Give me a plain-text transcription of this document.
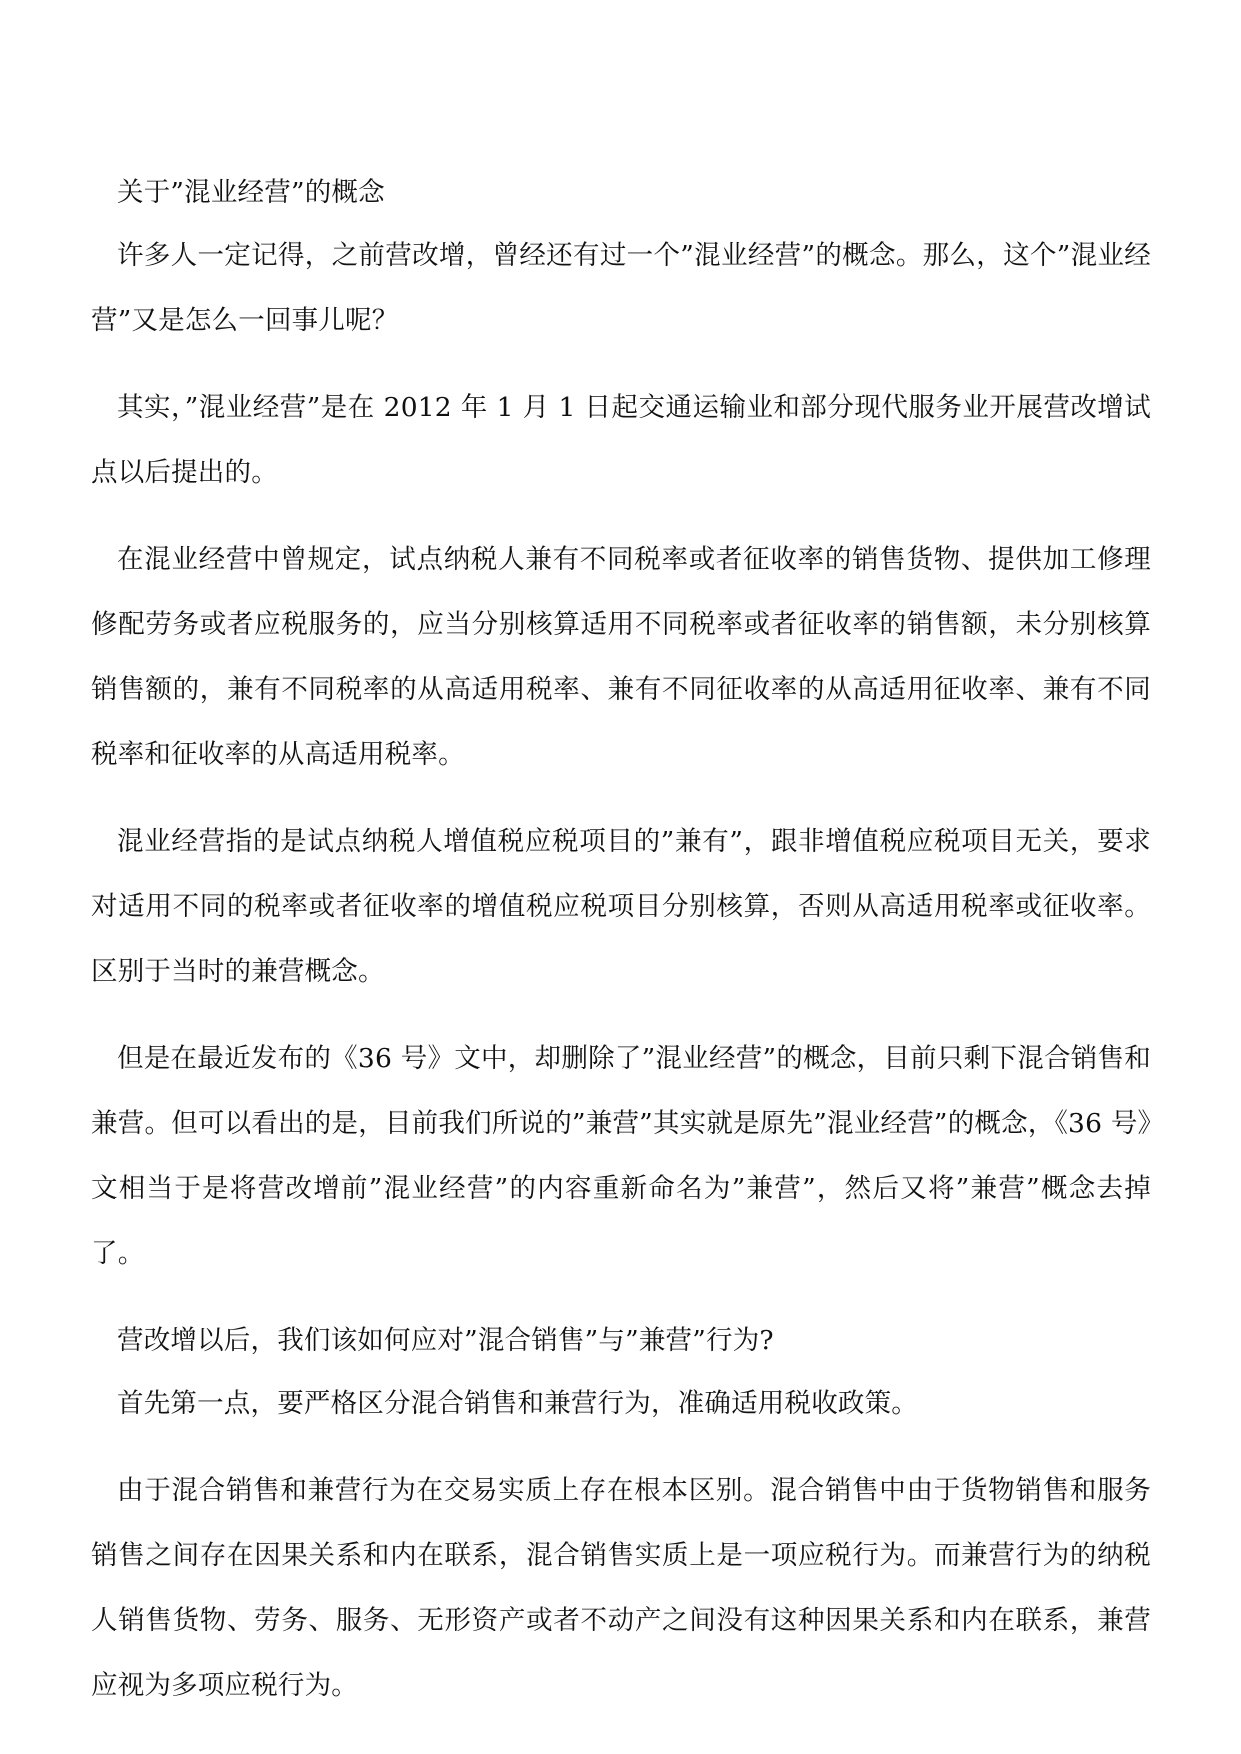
关于”混业经营”的概念

许多人一定记得，之前营改增，曾经还有过一个”混业经营”的概念。那么，这个”混业经营”又是怎么一回事儿呢？

其实，”混业经营”是在 2012 年 1 月 1 日起交通运输业和部分现代服务业开展营改增试点以后提出的。

在混业经营中曾规定，试点纳税人兼有不同税率或者征收率的销售货物、提供加工修理修配劳务或者应税服务的，应当分别核算适用不同税率或者征收率的销售额，未分别核算销售额的，兼有不同税率的从高适用税率、兼有不同征收率的从高适用征收率、兼有不同税率和征收率的从高适用税率。

混业经营指的是试点纳税人增值税应税项目的”兼有”，跟非增值税应税项目无关，要求对适用不同的税率或者征收率的增值税应税项目分别核算，否则从高适用税率或征收率。区别于当时的兼营概念。

但是在最近发布的《36 号》文中，却删除了”混业经营”的概念，目前只剩下混合销售和兼营。但可以看出的是，目前我们所说的”兼营”其实就是原先”混业经营”的概念，《36 号》文相当于是将营改增前”混业经营”的内容重新命名为”兼营”，然后又将”兼营”概念去掉了。

营改增以后，我们该如何应对”混合销售”与”兼营”行为?

首先第一点，要严格区分混合销售和兼营行为，准确适用税收政策。

由于混合销售和兼营行为在交易实质上存在根本区别。混合销售中由于货物销售和服务销售之间存在因果关系和内在联系，混合销售实质上是一项应税行为。而兼营行为的纳税人销售货物、劳务、服务、无形资产或者不动产之间没有这种因果关系和内在联系，兼营应视为多项应税行为。
